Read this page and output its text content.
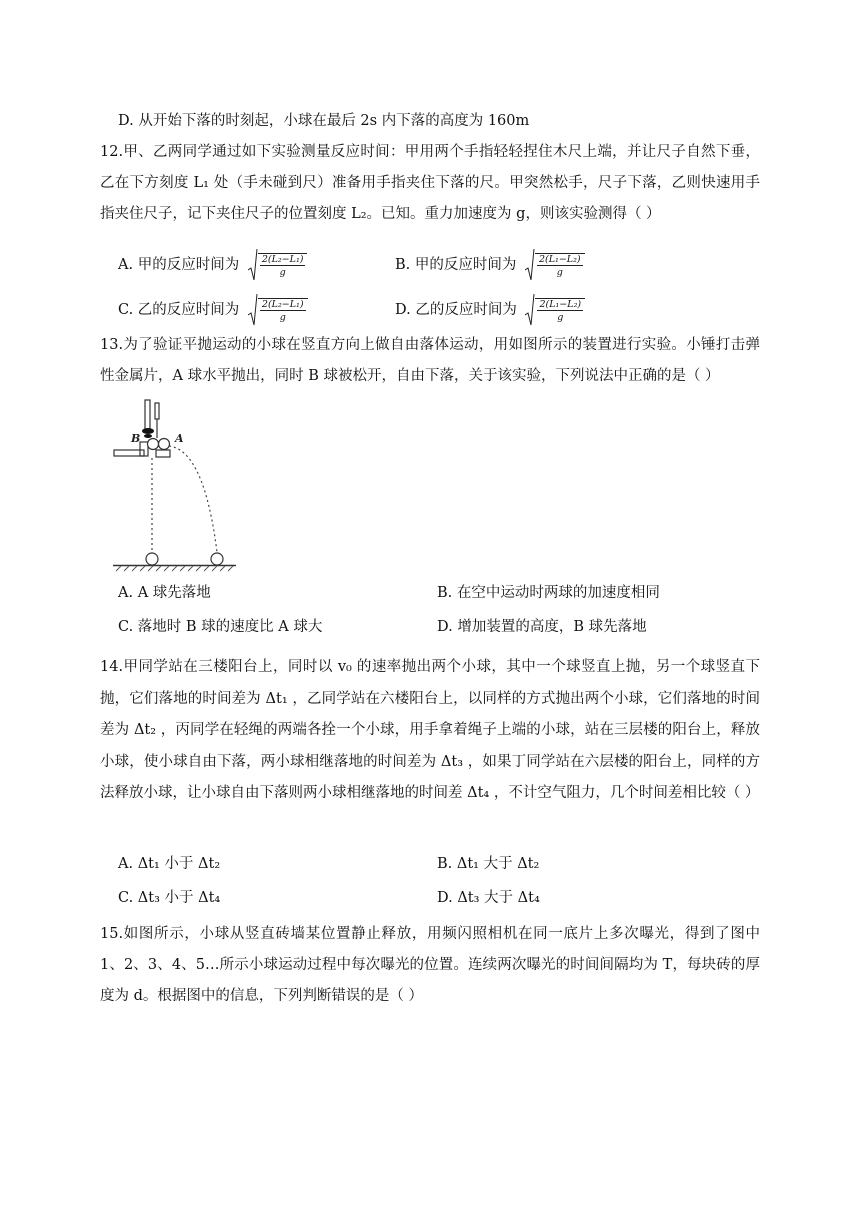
D. 从开始下落的时刻起，小球在最后 2s 内下落的高度为 160m
12.甲、乙两同学通过如下实验测量反应时间：甲用两个手指轻轻捏住木尺上端，并让尺子自然下垂，乙在下方刻度 L₁ 处（手未碰到尺）准备用手指夹住下落的尺。甲突然松手，尺子下落，乙则快速用手指夹住尺子，记下夹住尺子的位置刻度 L₂。已知。重力加速度为 g，则该实验测得（ ）
A. 甲的反应时间为 $\frac{\text{2(L₂−L₁)}}{g}$	B. 甲的反应时间为 $\frac{\text{2(L₁−L₂)}}{g}$
C. 乙的反应时间为 $\frac{\text{2(L₂−L₁)}}{g}$	D. 乙的反应时间为 $\frac{\text{2(L₁−L₂)}}{g}$
13.为了验证平抛运动的小球在竖直方向上做自由落体运动，用如图所示的装置进行实验。小锤打击弹性金属片，A 球水平抛出，同时 B 球被松开，自由下落，关于该实验，下列说法中正确的是（ ）
B	A
A. A 球先落地	B. 在空中运动时两球的加速度相同
C. 落地时 B 球的速度比 A 球大	D. 增加装置的高度，B 球先落地
14.甲同学站在三楼阳台上，同时以 v₀ 的速率抛出两个小球，其中一个球竖直上抛，另一个球竖直下抛，它们落地的时间差为 Δt₁ ，乙同学站在六楼阳台上，以同样的方式抛出两个小球，它们落地的时间差为 Δt₂ ，丙同学在轻绳的两端各拴一个小球，用手拿着绳子上端的小球，站在三层楼的阳台上，释放小球，使小球自由下落，两小球相继落地的时间差为 Δt₃ ，如果丁同学站在六层楼的阳台上，同样的方法释放小球，让小球自由下落则两小球相继落地的时间差 Δt₄ ，不计空气阻力，几个时间差相比较（ ）
A. Δt₁ 小于 Δt₂	B. Δt₁ 大于 Δt₂
C. Δt₃ 小于 Δt₄	D. Δt₃ 大于 Δt₄
15.如图所示，小球从竖直砖墙某位置静止释放，用频闪照相机在同一底片上多次曝光，得到了图中 1、2、3、4、5…所示小球运动过程中每次曝光的位置。连续两次曝光的时间间隔均为 T，每块砖的厚度为 d。根据图中的信息，下列判断错误的是（ ）
